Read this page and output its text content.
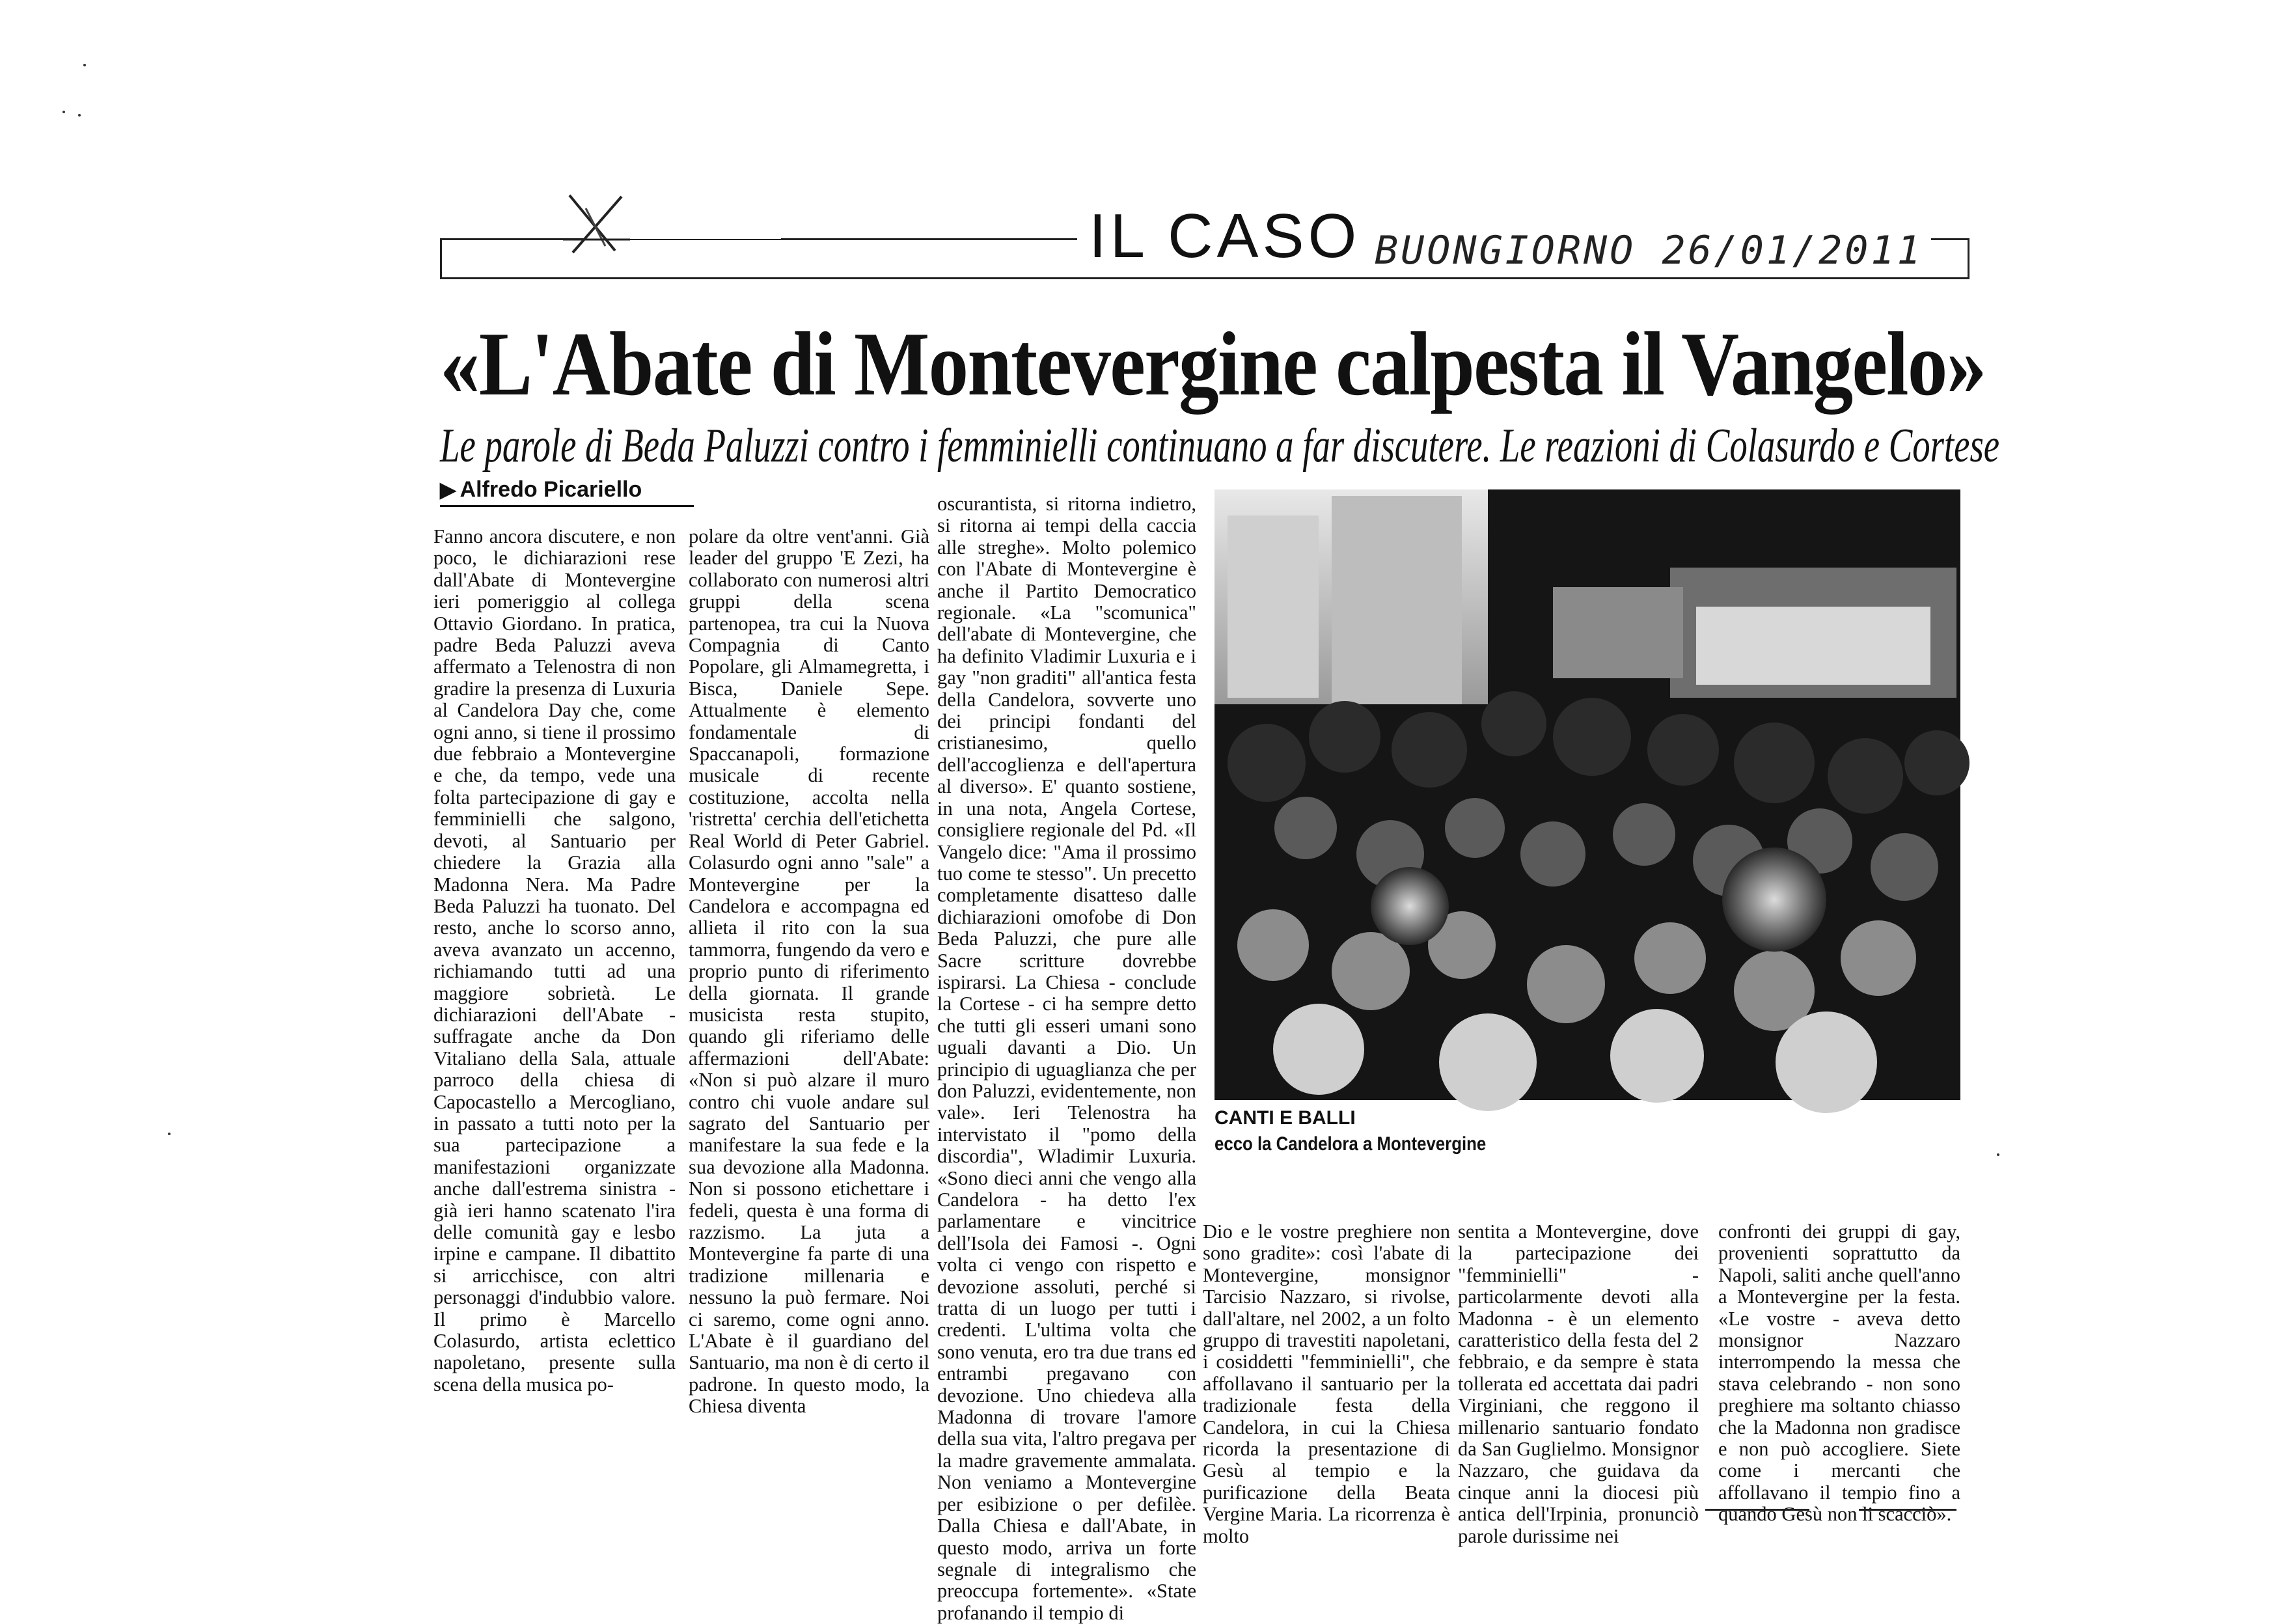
IL CASO BUONGIORNO 26/01/2011
«L'Abate di Montevergine calpesta il Vangelo»
Le parole di Beda Paluzzi contro i femminielli continuano a far discutere. Le reazioni di Colasurdo e Cortese
▶ Alfredo Picariello
Fanno ancora discutere, e non poco, le dichiarazioni rese dall'Abate di Montevergine ieri pomeriggio al collega Ottavio Giordano. In pratica, padre Beda Paluzzi aveva affermato a Telenostra di non gradire la presenza di Luxuria al Candelora Day che, come ogni anno, si tiene il prossimo due febbraio a Montevergine e che, da tempo, vede una folta partecipazione di gay e femminielli che salgono, devoti, al Santuario per chiedere la Grazia alla Madonna Nera. Ma Padre Beda Paluzzi ha tuonato. Del resto, anche lo scorso anno, aveva avanzato un accenno, richiamando tutti ad una maggiore sobrietà. Le dichiarazioni dell'Abate - suffragate anche da Don Vitaliano della Sala, attuale parroco della chiesa di Capocastello a Mercogliano, in passato a tutti noto per la sua partecipazione a manifestazioni organizzate anche dall'estrema sinistra - già ieri hanno scatenato l'ira delle comunità gay e lesbo irpine e campane. Il dibattito si arricchisce, con altri personaggi d'indubbio valore. Il primo è Marcello Colasurdo, artista eclettico napoletano, presente sulla scena della musica po-
polare da oltre vent'anni. Già leader del gruppo 'E Zezi, ha collaborato con numerosi altri gruppi della scena partenopea, tra cui la Nuova Compagnia di Canto Popolare, gli Almamegretta, i Bisca, Daniele Sepe. Attualmente è elemento fondamentale di Spaccanapoli, formazione musicale di recente costituzione, accolta nella 'ristretta' cerchia dell'etichetta Real World di Peter Gabriel. Colasurdo ogni anno "sale" a Montevergine per la Candelora e accompagna ed allieta il rito con la sua tammorra, fungendo da vero e proprio punto di riferimento della giornata. Il grande musicista resta stupito, quando gli riferiamo delle affermazioni dell'Abate: «Non si può alzare il muro contro chi vuole andare sul sagrato del Santuario per manifestare la sua fede e la sua devozione alla Madonna. Non si possono etichettare i fedeli, questa è una forma di razzismo. La juta a Montevergine fa parte di una tradizione millenaria e nessuno la può fermare. Noi ci saremo, come ogni anno. L'Abate è il guardiano del Santuario, ma non è di certo il padrone. In questo modo, la Chiesa diventa
oscurantista, si ritorna indietro, si ritorna ai tempi della caccia alle streghe». Molto polemico con l'Abate di Montevergine è anche il Partito Democratico regionale. «La "scomunica" dell'abate di Montevergine, che ha definito Vladimir Luxuria e i gay "non graditi" all'antica festa della Candelora, sovverte uno dei principi fondanti del cristianesimo, quello dell'accoglienza e dell'apertura al diverso». E' quanto sostiene, in una nota, Angela Cortese, consigliere regionale del Pd. «Il Vangelo dice: "Ama il prossimo tuo come te stesso". Un precetto completamente disatteso dalle dichiarazioni omofobe di Don Beda Paluzzi, che pure alle Sacre scritture dovrebbe ispirarsi. La Chiesa - conclude la Cortese - ci ha sempre detto che tutti gli esseri umani sono uguali davanti a Dio. Un principio di uguaglianza che per don Paluzzi, evidentemente, non vale». Ieri Telenostra ha intervistato il "pomo della discordia", Wladimir Luxuria. «Sono dieci anni che vengo alla Candelora - ha detto l'ex parlamentare e vincitrice dell'Isola dei Famosi -. Ogni volta ci vengo con rispetto e devozione assoluti, perché si tratta di un luogo per tutti i credenti. L'ultima volta che sono venuta, ero tra due trans ed entrambi pregavano con devozione. Uno chiedeva alla Madonna di trovare l'amore della sua vita, l'altro pregava per la madre gravemente ammalata. Non veniamo a Montevergine per esibizione o per defilèe. Dalla Chiesa e dall'Abate, in questo modo, arriva un forte segnale di integralismo che preoccupa fortemente». «State profanando il tempio di
CANTI E BALLI
ecco la Candelora a Montevergine
Dio e le vostre preghiere non sono gradite»: così l'abate di Montevergine, monsignor Tarcisio Nazzaro, si rivolse, dall'altare, nel 2002, a un folto gruppo di travestiti napoletani, i cosiddetti "femminielli", che affollavano il santuario per la tradizionale festa della Candelora, in cui la Chiesa ricorda la presentazione di Gesù al tempio e la purificazione della Beata Vergine Maria. La ricorrenza è molto
sentita a Montevergine, dove la partecipazione dei "femminielli" - particolarmente devoti alla Madonna - è un elemento caratteristico della festa del 2 febbraio, e da sempre è stata tollerata ed accettata dai padri Virginiani, che reggono il millenario santuario fondato da San Guglielmo. Monsignor Nazzaro, che guidava da cinque anni la diocesi più antica dell'Irpinia, pronunciò parole durissime nei
confronti dei gruppi di gay, provenienti soprattutto da Napoli, saliti anche quell'anno a Montevergine per la festa. «Le vostre - aveva detto monsignor Nazzaro interrompendo la messa che stava celebrando - non sono preghiere ma soltanto chiasso che la Madonna non gradisce e non può accogliere. Siete come i mercanti che affollavano il tempio fino a quando Gesù non li scacciò».
